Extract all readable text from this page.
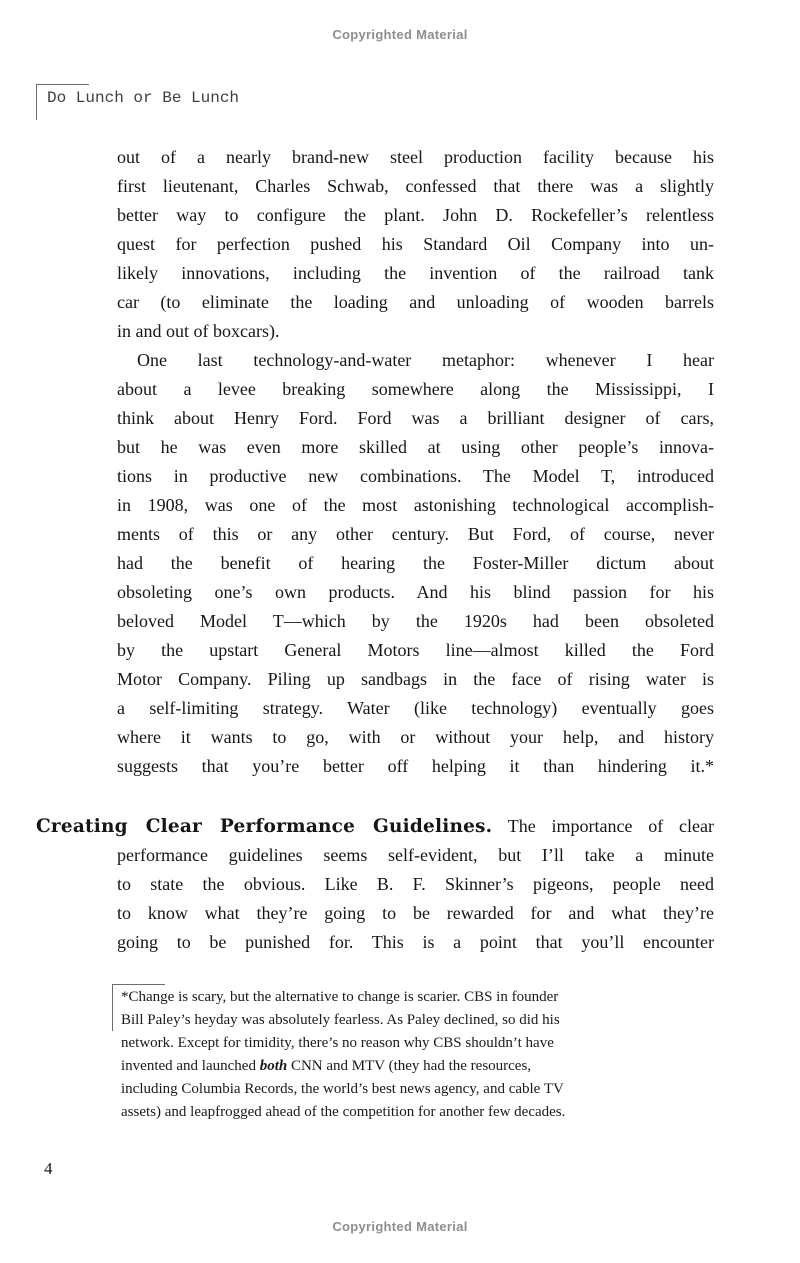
Copyrighted Material
Do Lunch or Be Lunch
out of a nearly brand-new steel production facility because his
first lieutenant, Charles Schwab, confessed that there was a slightly
better way to configure the plant. John D. Rockefeller’s relentless
quest for perfection pushed his Standard Oil Company into un-
likely innovations, including the invention of the railroad tank
car (to eliminate the loading and unloading of wooden barrels
in and out of boxcars).
One last technology-and-water metaphor: whenever I hear
about a levee breaking somewhere along the Mississippi, I
think about Henry Ford. Ford was a brilliant designer of cars,
but he was even more skilled at using other people’s innova-
tions in productive new combinations. The Model T, introduced
in 1908, was one of the most astonishing technological accomplish-
ments of this or any other century. But Ford, of course, never
had the benefit of hearing the Foster-Miller dictum about
obsoleting one’s own products. And his blind passion for his
beloved Model T—which by the 1920s had been obsoleted
by the upstart General Motors line—almost killed the Ford
Motor Company. Piling up sandbags in the face of rising water is
a self-limiting strategy. Water (like technology) eventually goes
where it wants to go, with or without your help, and history
suggests that you’re better off helping it than hindering it.*
Creating Clear Performance Guidelines. The importance of clear
performance guidelines seems self-evident, but I’ll take a minute
to state the obvious. Like B. F. Skinner’s pigeons, people need
to know what they’re going to be rewarded for and what they’re
going to be punished for. This is a point that you’ll encounter
*Change is scary, but the alternative to change is scarier. CBS in founder
Bill Paley’s heyday was absolutely fearless. As Paley declined, so did his
network. Except for timidity, there’s no reason why CBS shouldn’t have
invented and launched both CNN and MTV (they had the resources,
including Columbia Records, the world’s best news agency, and cable TV
assets) and leapfrogged ahead of the competition for another few decades.
4
Copyrighted Material
